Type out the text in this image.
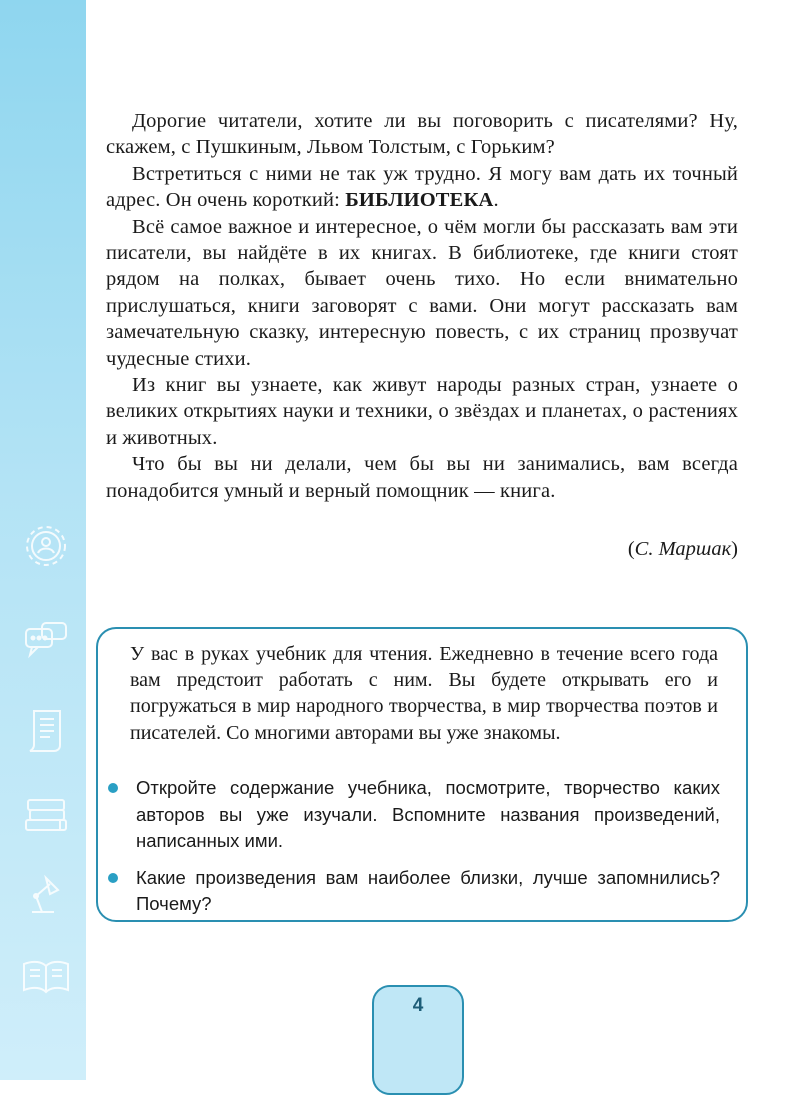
Дорогие читатели, хотите ли вы поговорить с писателями? Ну, скажем, с Пушкиным, Львом Толстым, с Горьким?

Встретиться с ними не так уж трудно. Я могу вам дать их точный адрес. Он очень короткий: БИБЛИОТЕКА.

Всё самое важное и интересное, о чём могли бы рассказать вам эти писатели, вы найдёте в их книгах. В библиотеке, где книги стоят рядом на полках, бывает очень тихо. Но если внимательно прислушаться, книги заговорят с вами. Они могут рассказать вам замечательную сказку, интересную повесть, с их страниц прозвучат чудесные стихи.

Из книг вы узнаете, как живут народы разных стран, узнаете о великих открытиях науки и техники, о звёздах и планетах, о растениях и животных.

Что бы вы ни делали, чем бы вы ни занимались, вам всегда понадобится умный и верный помощник — книга.

(С. Маршак)

У вас в руках учебник для чтения. Ежедневно в течение всего года вам предстоит работать с ним. Вы будете открывать его и погружаться в мир народного творчества, в мир творчества поэтов и писателей. Со многими авторами вы уже знакомы.

Откройте содержание учебника, посмотрите, творчество каких авторов вы уже изучали. Вспомните названия произведений, написанных ими.
Какие произведения вам наиболее близки, лучше запомнились? Почему?
4
